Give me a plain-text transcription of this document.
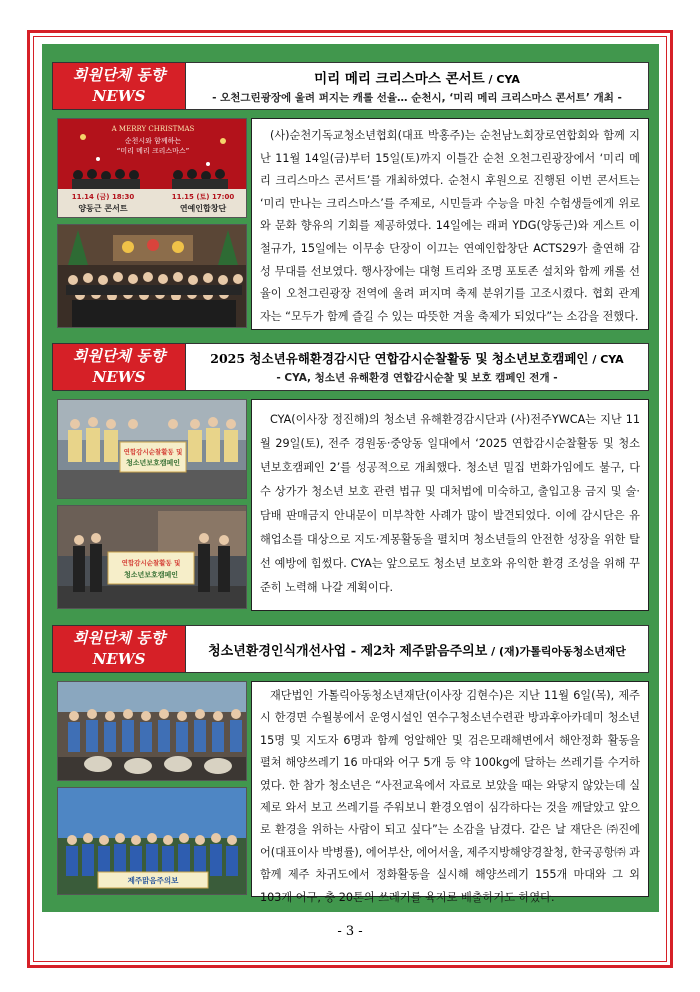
회원단체 동향
NEWS
미리 메리 크리스마스 콘서트 / CYA
- 오천그린광장에 울려 퍼지는 캐롤 선율… 순천시, ‘미리 메리 크리스마스 콘서트’ 개최 -
A MERRY CHRISTMAS
순천시와 함께하는
“미리 메리 크리스마스”
11.14 (금) 18:30	11.15 (토) 17:00
양동근 콘서트	연예인합창단

(사)순천기독교청소년협회(대표 박홍주)는 순천남노회장로연합회와 함께 지난 11월 14일(금)부터 15일(토)까지 이틀간 순천 오천그린광장에서 ‘미리 메리 크리스마스 콘서트’를 개최하였다. 순천시 후원으로 진행된 이번 콘서트는 ‘미리 만나는 크리스마스’를 주제로, 시민들과 수능을 마친 수험생들에게 위로와 문화 향유의 기회를 제공하였다. 14일에는 래퍼 YDG(양동근)와 게스트 이철규가, 15일에는 이무송 단장이 이끄는 연예인합창단 ACTS29가 출연해 감성 무대를 선보였다. 행사장에는 대형 트리와 조명 포토존 설치와 함께 캐롤 선율이 오천그린광장 전역에 울려 퍼지며 축제 분위기를 고조시켰다. 협회 관계자는 “모두가 함께 즐길 수 있는 따뜻한 겨울 축제가 되었다”는 소감을 전했다.

회원단체 동향
NEWS
2025 청소년유해환경감시단 연합감시순찰활동 및 청소년보호캠페인 / CYA
- CYA, 청소년 유해환경 연합감시순찰 및 보호 캠페인 전개 -
연합감시순찰활동 및
청소년보호캠페인
연합감시순찰활동 및
청소년보호캠페인

CYA(이사장 정진해)의 청소년 유해환경감시단과 (사)전주YWCA는 지난 11월 29일(토), 전주 경원동·중앙동 일대에서 ‘2025 연합감시순찰활동 및 청소년보호캠페인 2’를 성공적으로 개최했다. 청소년 밀집 번화가임에도 불구, 다수 상가가 청소년 보호 관련 법규 및 대처법에 미숙하고, 출입고용 금지 및 술·담배 판매금지 안내문이 미부착한 사례가 많이 발견되었다. 이에 감시단은 유해업소를 대상으로 지도·계몽활동을 펼치며 청소년들의 안전한 성장을 위한 탈선 예방에 힘썼다. CYA는 앞으로도 청소년 보호와 유익한 환경 조성을 위해 꾸준히 노력해 나갈 계획이다.

회원단체 동향
NEWS	청소년환경인식개선사업 - 제2차 제주맑음주의보 / (재)가톨릭아동청소년재단
제주맑음주의보

재단법인 가톨릭아동청소년재단(이사장 김현수)은 지난 11월 6일(목), 제주시 한경면 수월봉에서 운영시설인 연수구청소년수련관 방과후아카데미 청소년 15명 및 지도자 6명과 함께 엉알해안 및 검은모래해변에서 해안정화 활동을 펼쳐 해양쓰레기 16 마대와 어구 5개 등 약 100kg에 달하는 쓰레기를 수거하였다. 한 참가 청소년은 “사전교육에서 자료로 보았을 때는 와닿지 않았는데 실제로 와서 보고 쓰레기를 주워보니 환경오염이 심각하다는 것을 깨달았고 앞으로 환경을 위하는 사람이 되고 싶다”는 소감을 남겼다. 같은 날 재단은 ㈜진에어(대표이사 박병률), 에어부산, 에어서울, 제주지방해양경찰청, 한국공항㈜ 과 함께 제주 차귀도에서 정화활동을 실시해 해양쓰레기 155개 마대와 그 외 103개 어구, 총 20톤의 쓰레기를 육지로 배출하기도 하였다.

- 3 -
